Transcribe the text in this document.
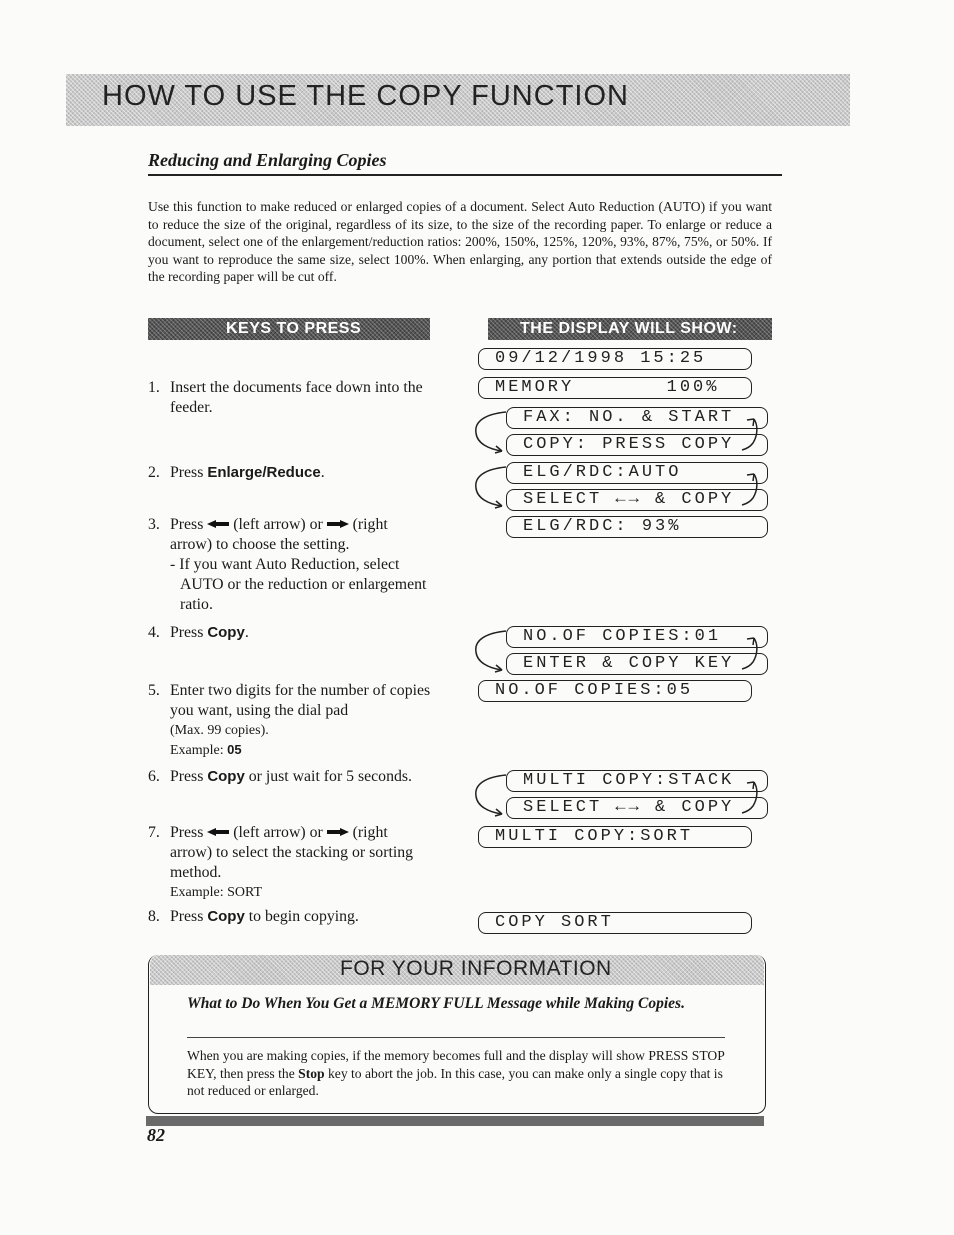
HOW TO USE THE COPY FUNCTION
Reducing and Enlarging Copies
Use this function to make reduced or enlarged copies of a document. Select Auto Reduction (AUTO) if you want to reduce the size of the original, regardless of its size, to the size of the recording paper. To enlarge or reduce a document, select one of the enlargement/reduction ratios: 200%, 150%, 125%, 120%, 93%, 87%, 75%, or 50%. If you want to reproduce the same size, select 100%. When enlarging, any portion that extends outside the edge of the recording paper will be cut off.
KEYS TO PRESS	THE DISPLAY WILL SHOW:
1. Insert the documents face down into the feeder.
2. Press Enlarge/Reduce.
3. Press (left arrow) or (right arrow) to choose the setting.
- If you want Auto Reduction, select AUTO or the reduction or enlargement ratio.
4. Press Copy.
5. Enter two digits for the number of copies you want, using the dial pad
(Max. 99 copies).
Example: 05
6. Press Copy or just wait for 5 seconds.
7. Press (left arrow) or (right arrow) to select the stacking or sorting method.
Example: SORT
8. Press Copy to begin copying.
09/12/1998 15:25
MEMORY       100%
FAX: NO. & START
COPY: PRESS COPY
ELG/RDC:AUTO
SELECT ←→ & COPY
ELG/RDC: 93%
NO.OF COPIES:01
ENTER & COPY KEY
NO.OF COPIES:05
MULTI COPY:STACK
SELECT ←→ & COPY
MULTI COPY:SORT
COPY SORT
FOR YOUR INFORMATION
What to Do When You Get a MEMORY FULL Message while Making Copies.
When you are making copies, if the memory becomes full and the display will show PRESS STOP KEY, then press the Stop key to abort the job. In this case, you can make only a single copy that is not reduced or enlarged.
82
